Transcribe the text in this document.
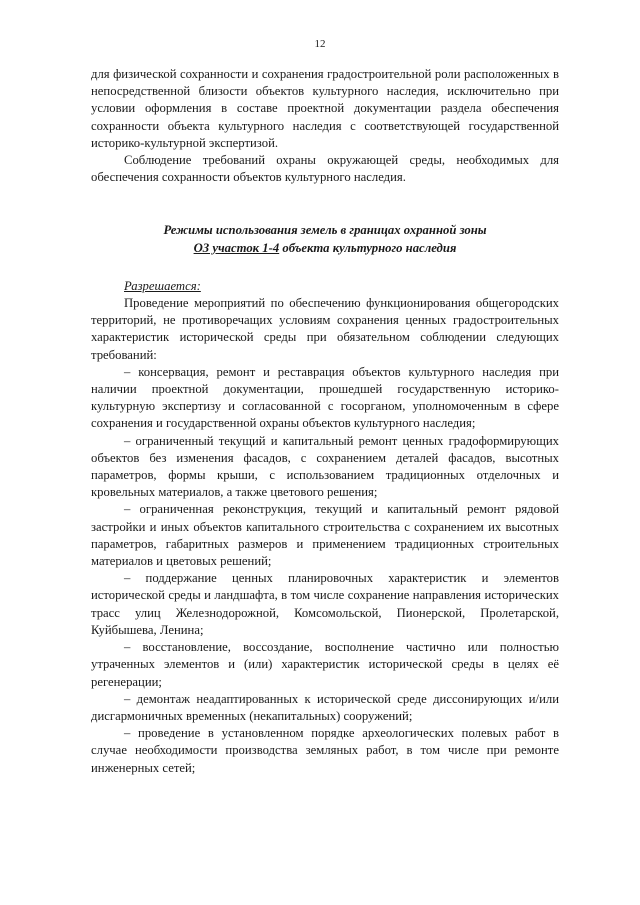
12

для физической сохранности и сохранения градостроительной роли расположенных в непосредственной близости объектов культурного наследия, исключительно при условии оформления в составе проектной документации раздела обеспечения сохранности объекта культурного наследия с соответствующей государственной историко-культурной экспертизой.

Соблюдение требований охраны окружающей среды, необходимых для обеспечения сохранности объектов культурного наследия.

Режимы использования земель в границах охранной зоны
ОЗ участок 1-4 объекта культурного наследия

Разрешается:

Проведение мероприятий по обеспечению функционирования общегородских территорий, не противоречащих условиям сохранения ценных градостроительных характеристик исторической среды при обязательном соблюдении следующих требований:

– консервация, ремонт и реставрация объектов культурного наследия при наличии проектной документации, прошедшей государственную историко-культурную экспертизу и согласованной с госорганом, уполномоченным в сфере сохранения и государственной охраны объектов культурного наследия;

– ограниченный текущий и капитальный ремонт ценных градоформирующих объектов без изменения фасадов, с сохранением деталей фасадов, высотных параметров, формы крыши, с использованием традиционных отделочных и кровельных материалов, а также цветового решения;

– ограниченная реконструкция, текущий и капитальный ремонт рядовой застройки и иных объектов капитального строительства с сохранением их высотных параметров, габаритных размеров и применением традиционных строительных материалов и цветовых решений;

– поддержание ценных планировочных характеристик и элементов исторической среды и ландшафта, в том числе сохранение направления исторических трасс улиц Железнодорожной, Комсомольской, Пионерской, Пролетарской, Куйбышева, Ленина;

– восстановление, воссоздание, восполнение частично или полностью утраченных элементов и (или) характеристик исторической среды в целях её регенерации;

– демонтаж неадаптированных к исторической среде диссонирующих и/или дисгармоничных временных (некапитальных) сооружений;

– проведение в установленном порядке археологических полевых работ в случае необходимости производства земляных работ, в том числе при ремонте инженерных сетей;
